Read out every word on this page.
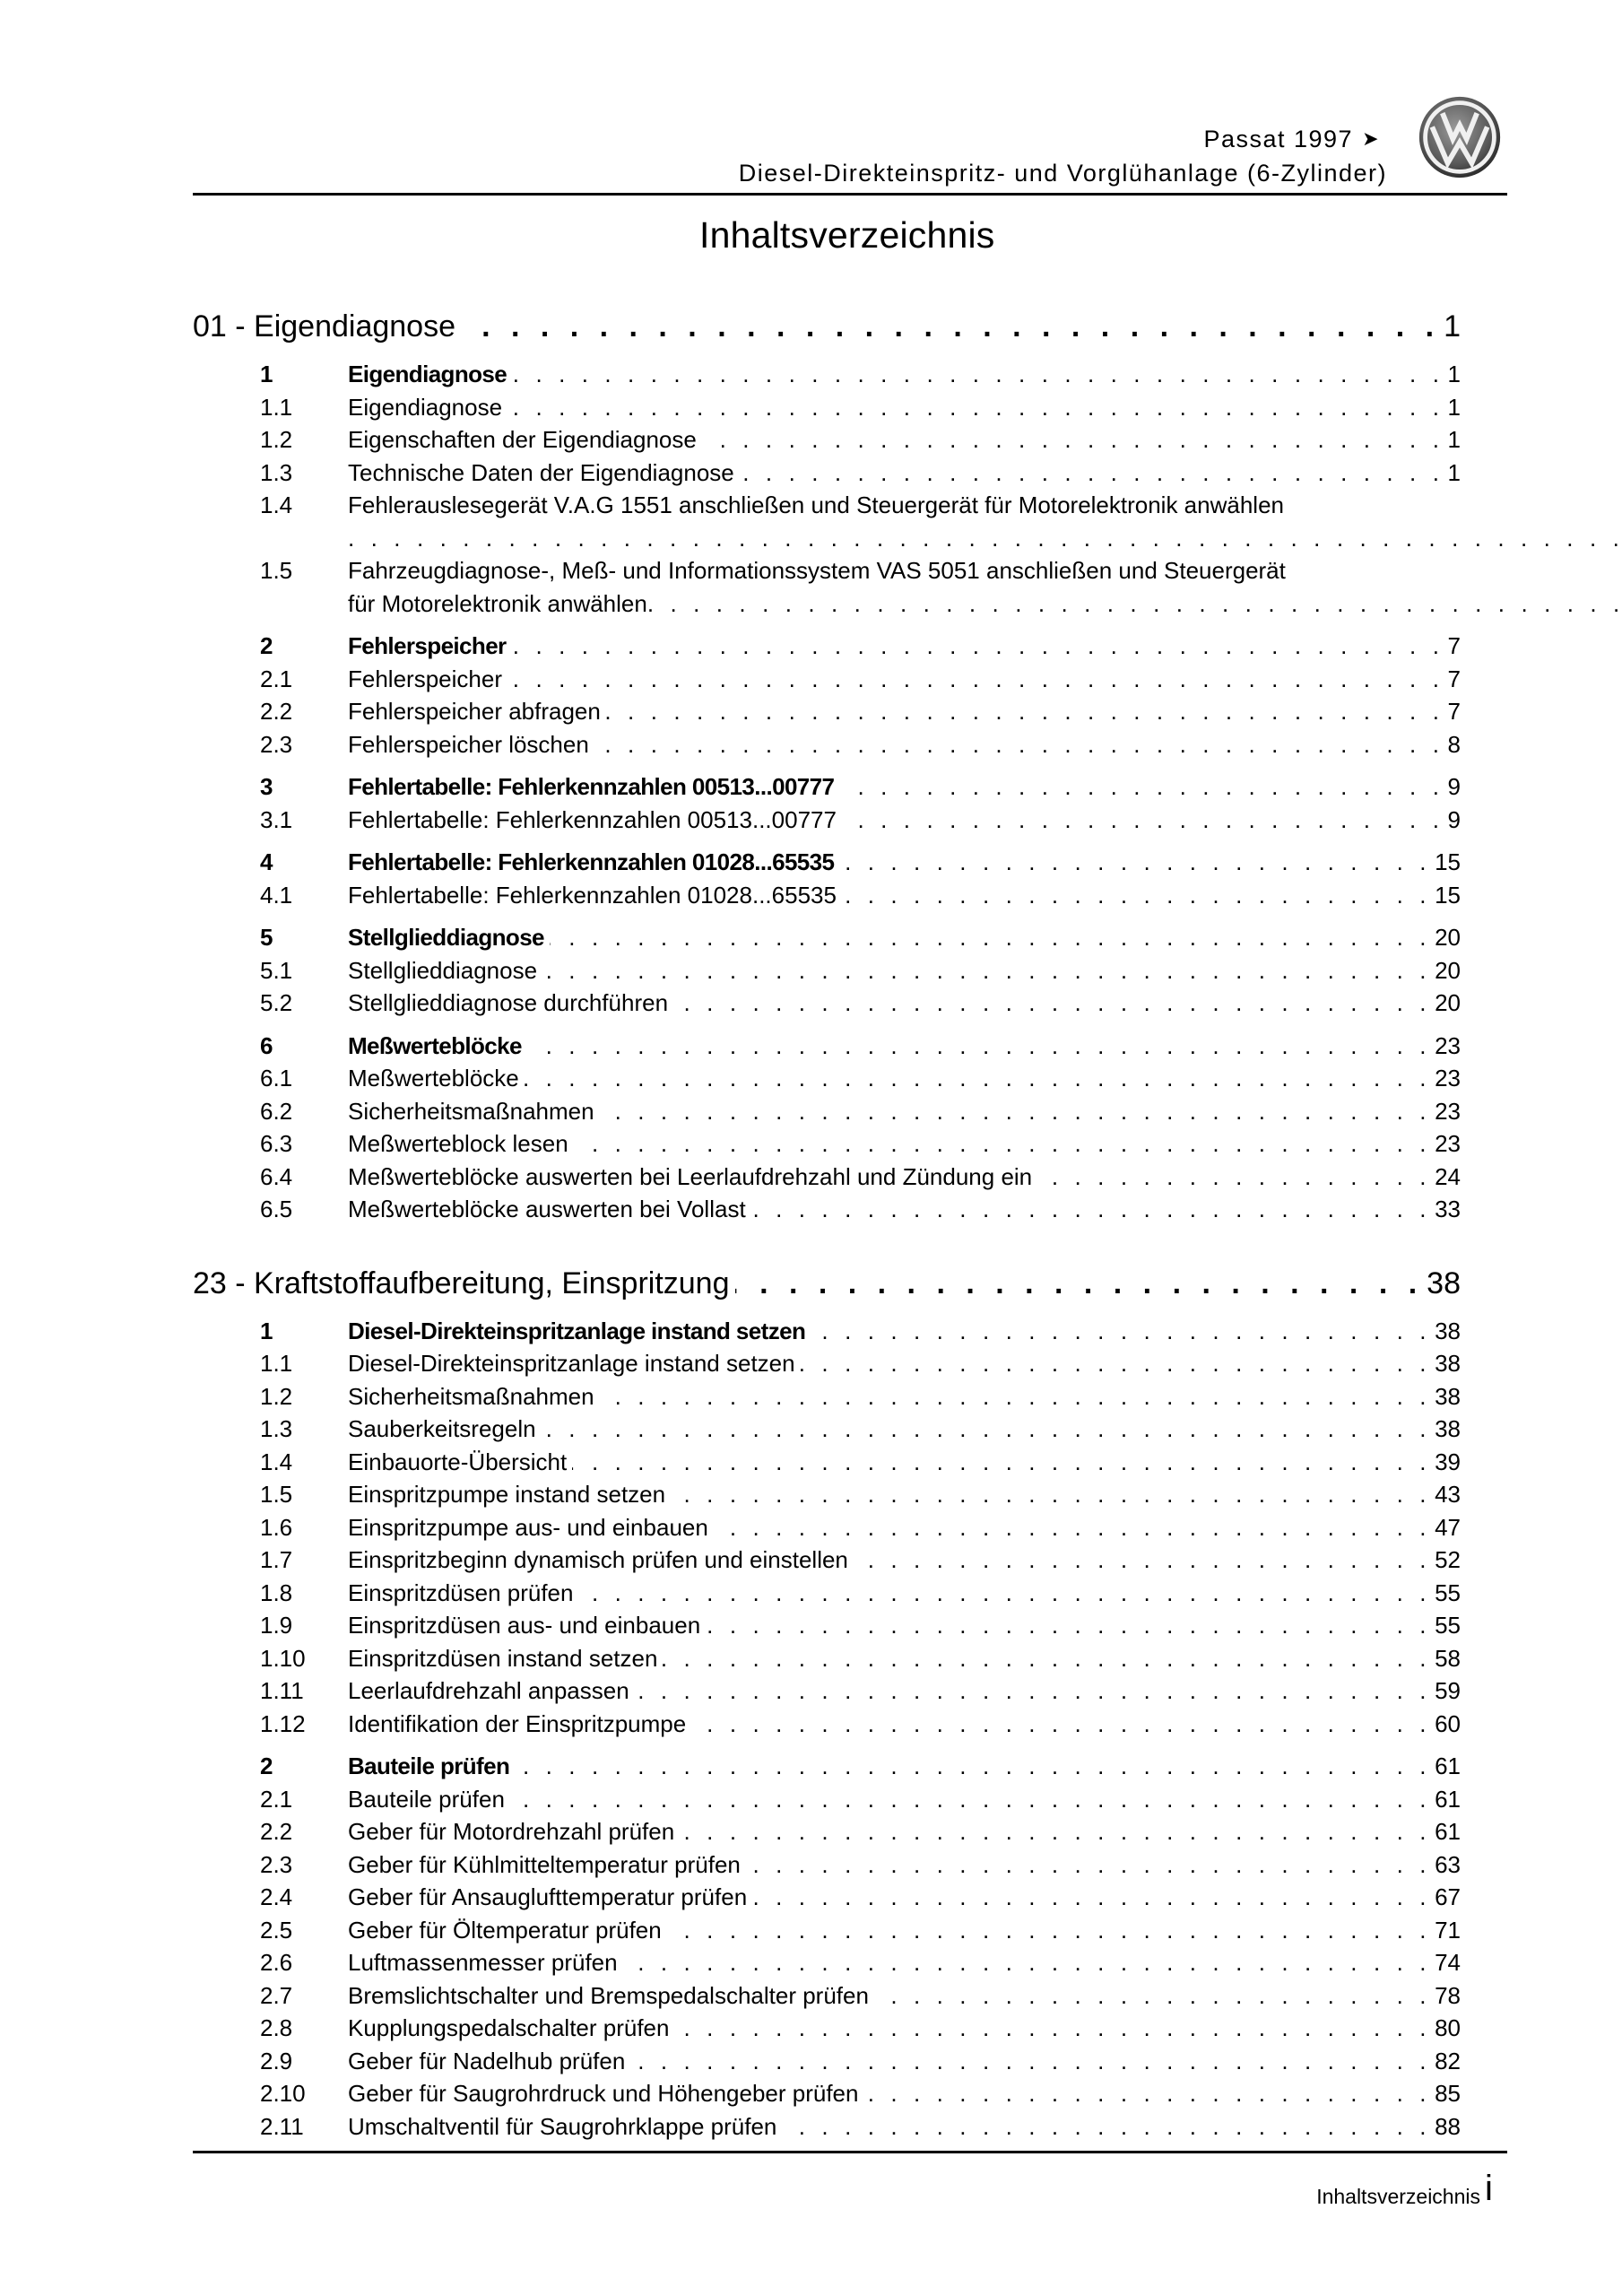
Passat 1997 ➤
Diesel-Direkteinspritz- und Vorglühanlage (6-Zylinder)
Inhaltsverzeichnis
01 - Eigendiagnose . . .	1
1	Eigendiagnose . . .	1
1.1	Eigendiagnose . . .	1
1.2	Eigenschaften der Eigendiagnose . . .	1
1.3	Technische Daten der Eigendiagnose . . .	1
1.4	Fehlerauslesegerät V.A.G 1551 anschließen und Steuergerät für Motorelektronik anwählen
. . .
1.5	Fahrzeugdiagnose-, Meß- und Informationssystem VAS 5051 anschließen und Steuergerät
für Motorelektronik anwählen
. . .
2	Fehlerspeicher . . .	7
2.1	Fehlerspeicher . . .	7
2.2	Fehlerspeicher abfragen . . .	7
2.3	Fehlerspeicher löschen . . .	8
3	Fehlertabelle: Fehlerkennzahlen 00513...00777 . . .	9
3.1	Fehlertabelle: Fehlerkennzahlen 00513...00777 . . .	9
4	Fehlertabelle: Fehlerkennzahlen 01028...65535 . . .	15
4.1	Fehlertabelle: Fehlerkennzahlen 01028...65535 . . .	15
5	Stellglieddiagnose . . .	20
5.1	Stellglieddiagnose . . .	20
5.2	Stellglieddiagnose durchführen . . .	20
6	Meßwerteblöcke . . .	23
6.1	Meßwerteblöcke . . .	23
6.2	Sicherheitsmaßnahmen . . .	23
6.3	Meßwerteblock lesen . . .	23
6.4	Meßwerteblöcke auswerten bei Leerlaufdrehzahl und Zündung ein . . .	24
6.5	Meßwerteblöcke auswerten bei Vollast . . .	33
23 - Kraftstoffaufbereitung, Einspritzung . . .	38
1	Diesel-Direkteinspritzanlage instand setzen . . .	38
1.1	Diesel-Direkteinspritzanlage instand setzen . . .	38
1.2	Sicherheitsmaßnahmen . . .	38
1.3	Sauberkeitsregeln . . .	38
1.4	Einbauorte-Übersicht . . .	39
1.5	Einspritzpumpe instand setzen . . .	43
1.6	Einspritzpumpe aus- und einbauen . . .	47
1.7	Einspritzbeginn dynamisch prüfen und einstellen . . .	52
1.8	Einspritzdüsen prüfen . . .	55
1.9	Einspritzdüsen aus- und einbauen . . .	55
1.10	Einspritzdüsen instand setzen . . .	58
1.11	Leerlaufdrehzahl anpassen . . .	59
1.12	Identifikation der Einspritzpumpe . . .	60
2	Bauteile prüfen . . .	61
2.1	Bauteile prüfen . . .	61
2.2	Geber für Motordrehzahl prüfen . . .	61
2.3	Geber für Kühlmitteltemperatur prüfen . . .	63
2.4	Geber für Ansauglufttemperatur prüfen . . .	67
2.5	Geber für Öltemperatur prüfen . . .	71
2.6	Luftmassenmesser prüfen . . .	74
2.7	Bremslichtschalter und Bremspedalschalter prüfen . . .	78
2.8	Kupplungspedalschalter prüfen . . .	80
2.9	Geber für Nadelhub prüfen . . .	82
2.10	Geber für Saugrohrdruck und Höhengeber prüfen . . .	85
2.11	Umschaltventil für Saugrohrklappe prüfen . . .	88
Inhaltsverzeichnis i
